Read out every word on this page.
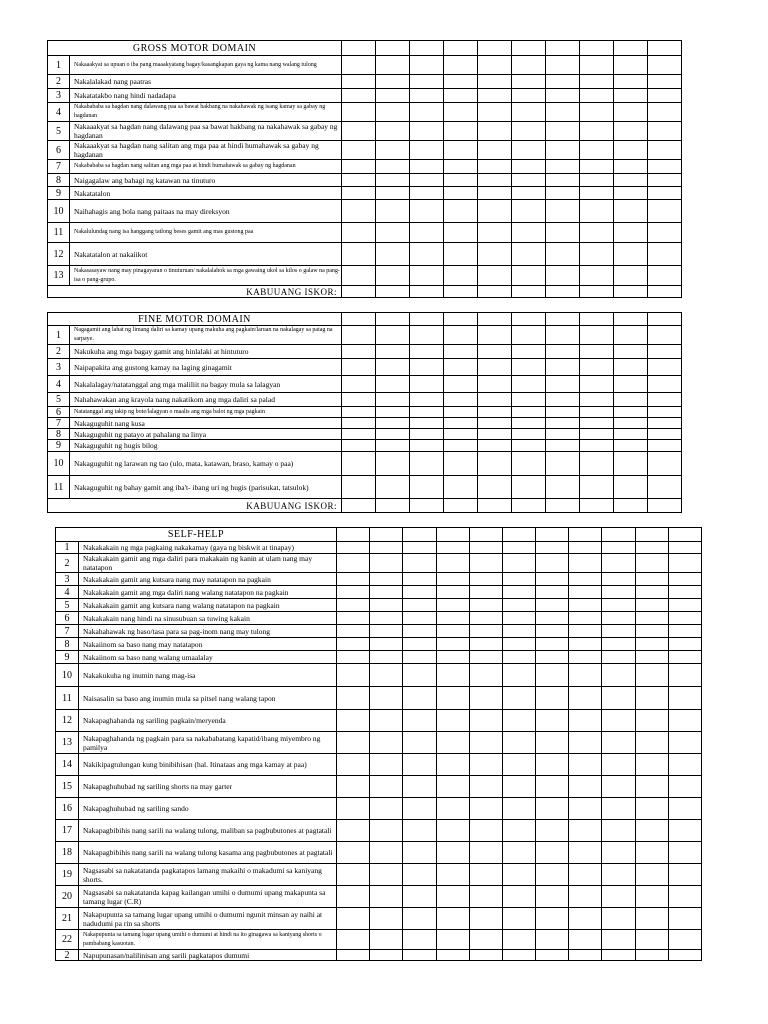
GROSS MOTOR DOMAIN											
1	Nakaaakyat sa upuan o iba pang maaakyatang bagay/kasangkapan gaya ng kama nang walang tulong										
2	Nakalalakad nang paatras										
3	Nakatatakbo nang hindi nadadapa										
4	Nakabababa sa hagdan nang dalawang paa sa bawat hakbang na nakahawak ng isang kamay sa gabay ng hagdanan										
5	Nakaaakyat sa hagdan nang dalawang paa sa bawat hakbang na nakahawak sa gabay ng hagdanan										
6	Nakaaakyat sa hagdan nang salitan ang mga paa at hindi humahawak sa gabay ng hagdanan										
7	Nakabababa sa hagdan nang salitan ang mga paa at hindi humahawak sa gabay ng hagdanan										
8	Naigagalaw ang bahagi ng katawan na tinuturo										
9	Nakatatalon										
10	Naihahagis ang bola nang paitaas na may direksyon										
11	Nakalulundag nang isa hanggang tatlong beses gamit ang mas gustong paa										
12	Nakatatalon at nakaiikot										
13	Nakasasayaw nang may pinagayaran o tinuturuan/ nakalalahok sa mga gawaing ukol sa kilos o galaw na pang-isa o pang-grupo.										
KABUUANG ISKOR:											
FINE MOTOR DOMAIN											
1	Nagagamit ang lahat ng limang daliri sa kamay upang makuha ang pagkain/laruan na nakalagay sa patag na sarpaye.										
2	Nakukuha ang mga bagay gamit ang hinlalaki at hintuturo										
3	Naipapakita ang gustong kamay na laging ginagamit										
4	Nakalalagay/natatanggal ang mga maliliit na bagay mula sa lalagyan										
5	Nahahawakan ang krayola nang nakatikom ang mga daliri sa palad										
6	Natatanggal ang takip ng bote/lalagyan o maalis ang mga balot ng mga pagkain										
7	Nakaguguhit nang kusa										
8	Nakaguguhit ng patayo at pahalang na linya										
9	Nakaguguhit ng hugis bilog										
10	Nakaguguhit ng larawan ng tao (ulo, mata, katawan, braso, kamay o paa)										
11	Nakaguguhit ng bahay gamit ang iba't- ibang uri ng hugis (parisukat, tatsulok)										
KABUUANG ISKOR:											
SELF-HELP												
1	Nakakakain ng mga pagkaing nakakamay (gaya ng biskwit at tinapay)											
2	Nakakakain gamit ang mga daliri para makakain ng kanin at ulam nang may natatapon											
3	Nakakakain gamit ang kutsara nang may natatapon na pagkain											
4	Nakakakain gamit ang mga daliri nang walang natatapon na pagkain											
5	Nakakakain gamit ang kutsara nang walang natatapon na pagkain											
6	Nakakakain nang hindi na sinusubuan sa tuwing kakain											
7	Nakahahawak ng baso/tasa para sa pag-inom nang may tulong											
8	Nakaiinom sa baso nang may natatapon											
9	Nakaiinom sa baso nang walang umaalalay											
10	Nakakukuha ng inumin nang mag-isa											
11	Naisasalin sa baso ang inumin mula sa pitsel nang walang tapon											
12	Nakapaghahanda ng sariling pagkain/meryenda											
13	Nakapaghahanda ng pagkain para sa nakababatang kapatid/ibang miyembro ng pamilya											
14	Nakikipagtulungan kung binibihisan (hal. Itinataas ang mga kamay at paa)											
15	Nakapaghuhubad ng sariling shorts na may garter											
16	Nakapaghuhubad ng sariling sando											
17	Nakapagbibihis nang sarili na walang tulong, maliban sa pagbubutones at pagtatali											
18	Nakapagbibihis nang sarili na walang tulong kasama ang pagbubutones at pagtatali											
19	Nagsasabi sa nakatatanda pagkatapos lamang makaihi o makadumi sa kaniyang shorts.											
20	Nagsasabi sa nakatatanda kapag kailangan umihi o dumumi upang makapunta sa tamang lugar (C.R)											
21	Nakapupunta sa tamang lugar upang umihi o dumumi ngunit minsan ay naihi at nadudumi pa rin sa shorts											
22	Nakapupunta sa tamang lugar upang umihi o dumumi at hindi na ito ginagawa sa kaniyang shorts o pambabang kasuotan.											
2	Napupunasan/nalilinisan ang sarili pagkatapos dumumi											
